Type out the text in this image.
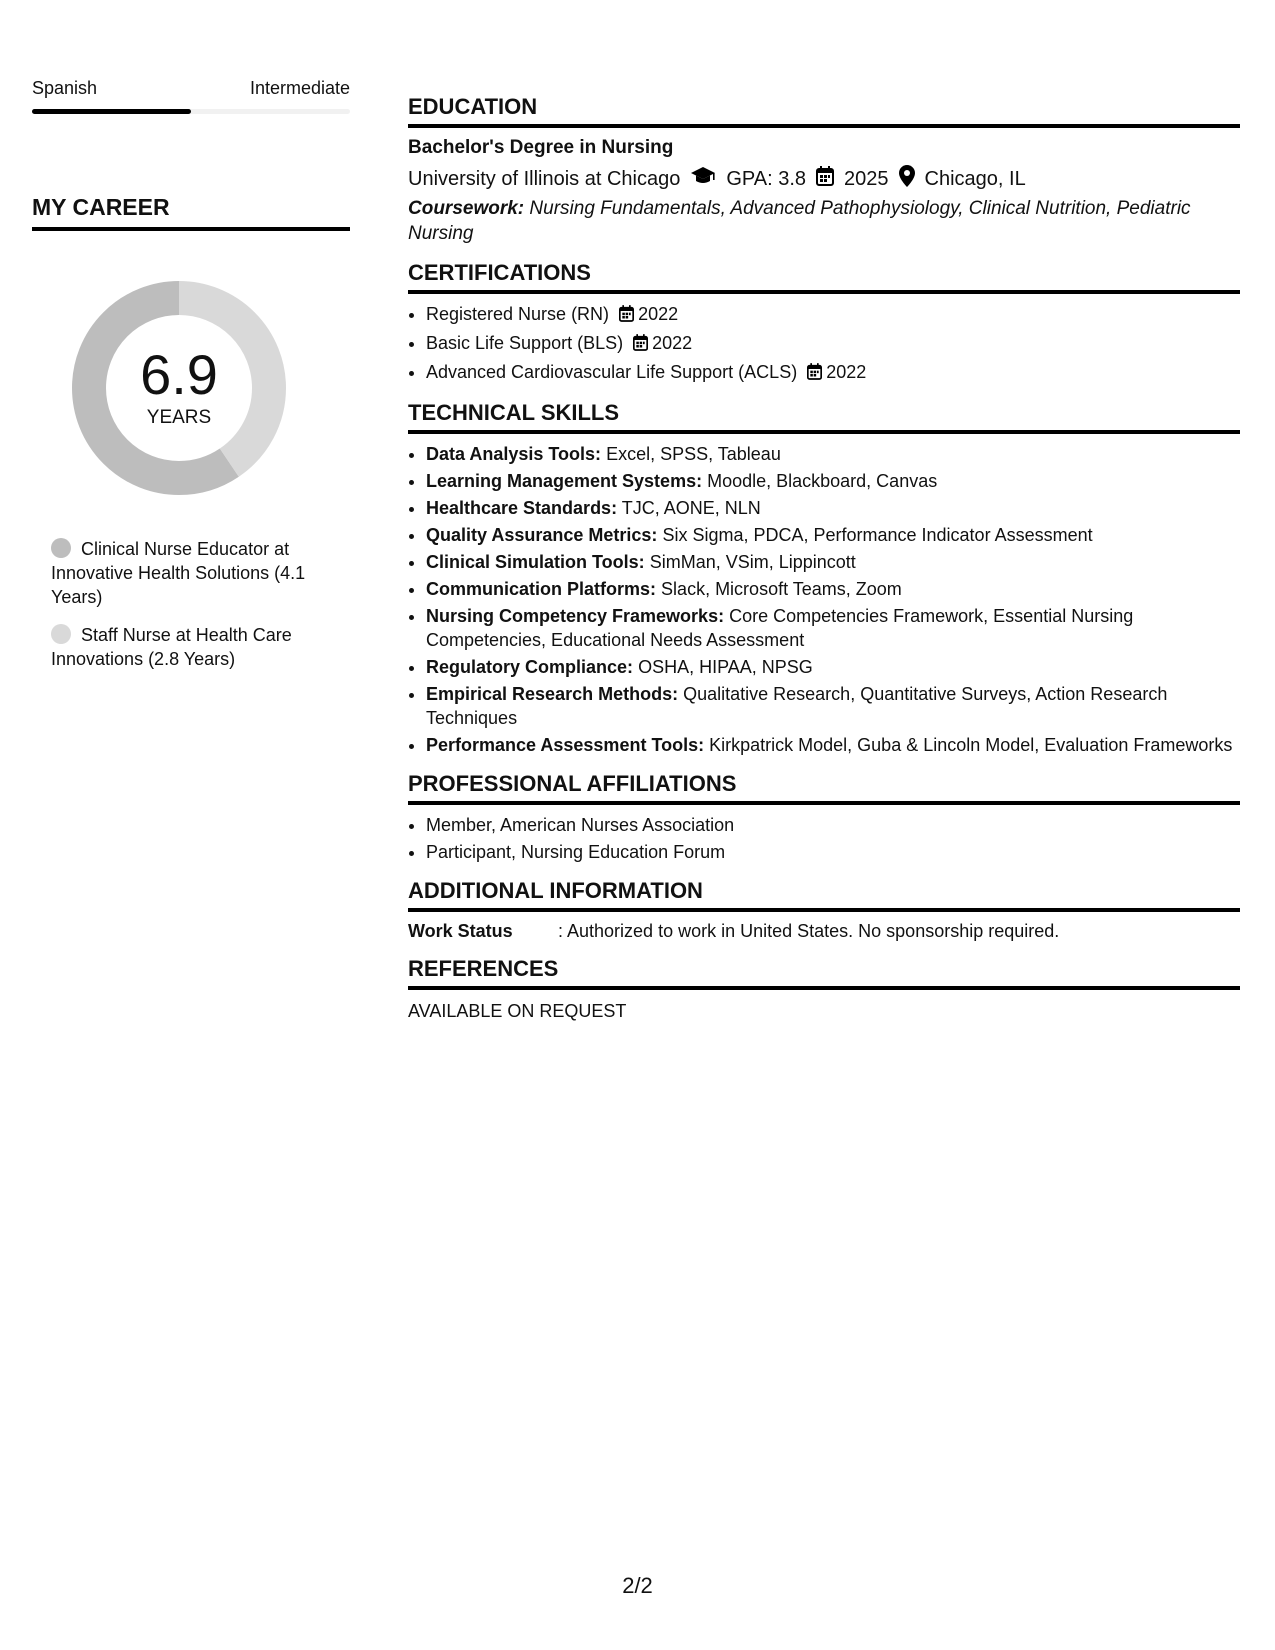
Spanish	Intermediate
MY CAREER
6.9
YEARS
Clinical Nurse Educator at Innovative Health Solutions (4.1 Years)
Staff Nurse at Health Care Innovations (2.8 Years)
EDUCATION
Bachelor's Degree in Nursing
University of Illinois at Chicago GPA: 3.8 2025 Chicago, IL
Coursework: Nursing Fundamentals, Advanced Pathophysiology, Clinical Nutrition, Pediatric Nursing
CERTIFICATIONS
• Registered Nurse (RN) 2022
• Basic Life Support (BLS) 2022
• Advanced Cardiovascular Life Support (ACLS) 2022
TECHNICAL SKILLS
• Data Analysis Tools: Excel, SPSS, Tableau
• Learning Management Systems: Moodle, Blackboard, Canvas
• Healthcare Standards: TJC, AONE, NLN
• Quality Assurance Metrics: Six Sigma, PDCA, Performance Indicator Assessment
• Clinical Simulation Tools: SimMan, VSim, Lippincott
• Communication Platforms: Slack, Microsoft Teams, Zoom
• Nursing Competency Frameworks: Core Competencies Framework, Essential Nursing Competencies, Educational Needs Assessment
• Regulatory Compliance: OSHA, HIPAA, NPSG
• Empirical Research Methods: Qualitative Research, Quantitative Surveys, Action Research Techniques
• Performance Assessment Tools: Kirkpatrick Model, Guba & Lincoln Model, Evaluation Frameworks
PROFESSIONAL AFFILIATIONS
• Member, American Nurses Association
• Participant, Nursing Education Forum
ADDITIONAL INFORMATION
Work Status	: Authorized to work in United States. No sponsorship required.
REFERENCES
AVAILABLE ON REQUEST
2/2
